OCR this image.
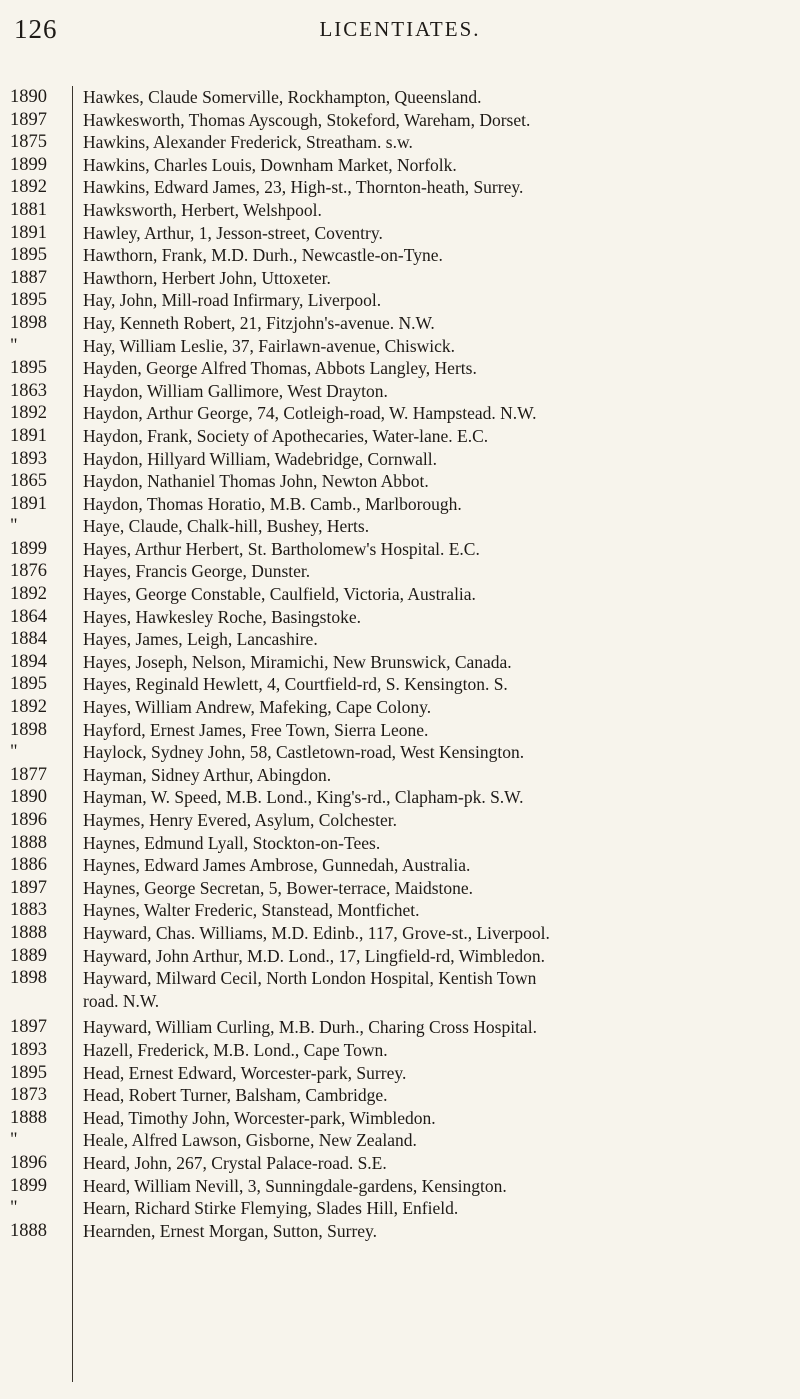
126	LICENTIATES.
1890	Hawkes, Claude Somerville, Rockhampton, Queensland.
1897	Hawkesworth, Thomas Ayscough, Stokeford, Wareham, Dorset.
1875	Hawkins, Alexander Frederick, Streatham. s.w.
1899	Hawkins, Charles Louis, Downham Market, Norfolk.
1892	Hawkins, Edward James, 23, High-st., Thornton-heath, Surrey.
1881	Hawksworth, Herbert, Welshpool.
1891	Hawley, Arthur, 1, Jesson-street, Coventry.
1895	Hawthorn, Frank, M.D. Durh., Newcastle-on-Tyne.
1887	Hawthorn, Herbert John, Uttoxeter.
1895	Hay, John, Mill-road Infirmary, Liverpool.
1898	Hay, Kenneth Robert, 21, Fitzjohn's-avenue. N.W.
"	Hay, William Leslie, 37, Fairlawn-avenue, Chiswick.
1895	Hayden, George Alfred Thomas, Abbots Langley, Herts.
1863	Haydon, William Gallimore, West Drayton.
1892	Haydon, Arthur George, 74, Cotleigh-road, W. Hampstead. N.W.
1891	Haydon, Frank, Society of Apothecaries, Water-lane. E.C.
1893	Haydon, Hillyard William, Wadebridge, Cornwall.
1865	Haydon, Nathaniel Thomas John, Newton Abbot.
1891	Haydon, Thomas Horatio, M.B. Camb., Marlborough.
"	Haye, Claude, Chalk-hill, Bushey, Herts.
1899	Hayes, Arthur Herbert, St. Bartholomew's Hospital. E.C.
1876	Hayes, Francis George, Dunster.
1892	Hayes, George Constable, Caulfield, Victoria, Australia.
1864	Hayes, Hawkesley Roche, Basingstoke.
1884	Hayes, James, Leigh, Lancashire.
1894	Hayes, Joseph, Nelson, Miramichi, New Brunswick, Canada.
1895	Hayes, Reginald Hewlett, 4, Courtfield-rd, S. Kensington. S.
1892	Hayes, William Andrew, Mafeking, Cape Colony.
1898	Hayford, Ernest James, Free Town, Sierra Leone.
"	Haylock, Sydney John, 58, Castletown-road, West Kensington.
1877	Hayman, Sidney Arthur, Abingdon.
1890	Hayman, W. Speed, M.B. Lond., King's-rd., Clapham-pk. S.W.
1896	Haymes, Henry Evered, Asylum, Colchester.
1888	Haynes, Edmund Lyall, Stockton-on-Tees.
1886	Haynes, Edward James Ambrose, Gunnedah, Australia.
1897	Haynes, George Secretan, 5, Bower-terrace, Maidstone.
1883	Haynes, Walter Frederic, Stanstead, Montfichet.
1888	Hayward, Chas. Williams, M.D. Edinb., 117, Grove-st., Liverpool.
1889	Hayward, John Arthur, M.D. Lond., 17, Lingfield-rd, Wimbledon.
1898	Hayward, Milward Cecil, North London Hospital, Kentish Town
road. N.W.
1897	Hayward, William Curling, M.B. Durh., Charing Cross Hospital.
1893	Hazell, Frederick, M.B. Lond., Cape Town.
1895	Head, Ernest Edward, Worcester-park, Surrey.
1873	Head, Robert Turner, Balsham, Cambridge.
1888	Head, Timothy John, Worcester-park, Wimbledon.
"	Heale, Alfred Lawson, Gisborne, New Zealand.
1896	Heard, John, 267, Crystal Palace-road. S.E.
1899	Heard, William Nevill, 3, Sunningdale-gardens, Kensington.
"	Hearn, Richard Stirke Flemying, Slades Hill, Enfield.
1888	Hearnden, Ernest Morgan, Sutton, Surrey.
